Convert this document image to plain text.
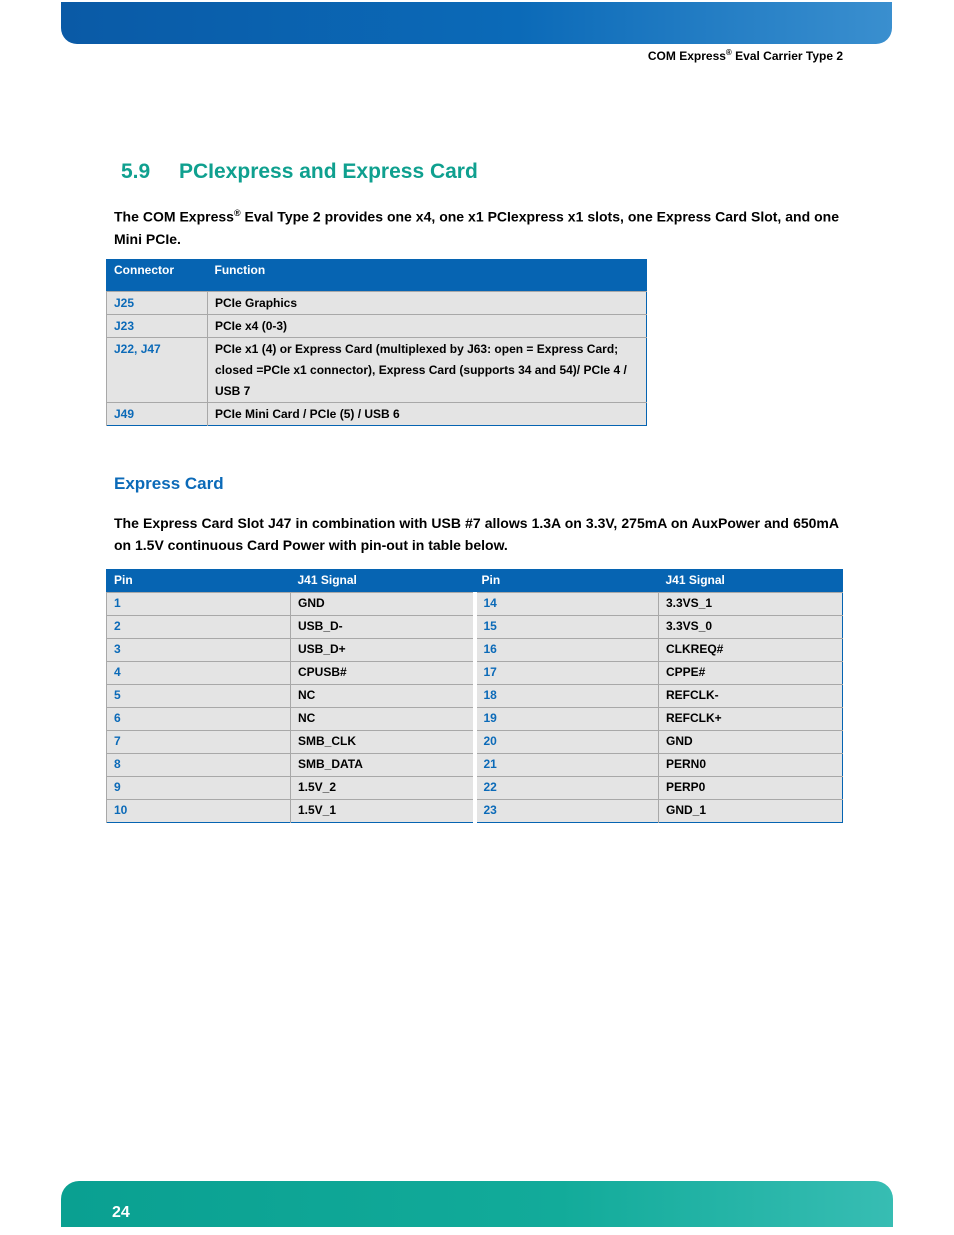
COM Express® Eval Carrier Type 2
5.9 PCIexpress and Express Card
The COM Express® Eval Type 2 provides one x4, one x1 PCIexpress x1 slots, one Express Card Slot, and one Mini PCIe.
Connector	Function
J25	PCIe Graphics
J23	PCIe x4 (0-3)
J22, J47	PCIe x1 (4) or Express Card (multiplexed by J63: open = Express Card; closed =PCIe x1 connector), Express Card (supports 34 and 54)/ PCIe 4 / USB 7
J49	PCIe Mini Card / PCIe (5) / USB 6
Express Card
The Express Card Slot J47 in combination with USB #7 allows 1.3A on 3.3V, 275mA on AuxPower and 650mA on 1.5V continuous Card Power with pin-out in table below.
Pin	J41 Signal	Pin	J41 Signal
1	GND	14	3.3VS_1
2	USB_D-	15	3.3VS_0
3	USB_D+	16	CLKREQ#
4	CPUSB#	17	CPPE#
5	NC	18	REFCLK-
6	NC	19	REFCLK+
7	SMB_CLK	20	GND
8	SMB_DATA	21	PERN0
9	1.5V_2	22	PERP0
10	1.5V_1	23	GND_1
24
